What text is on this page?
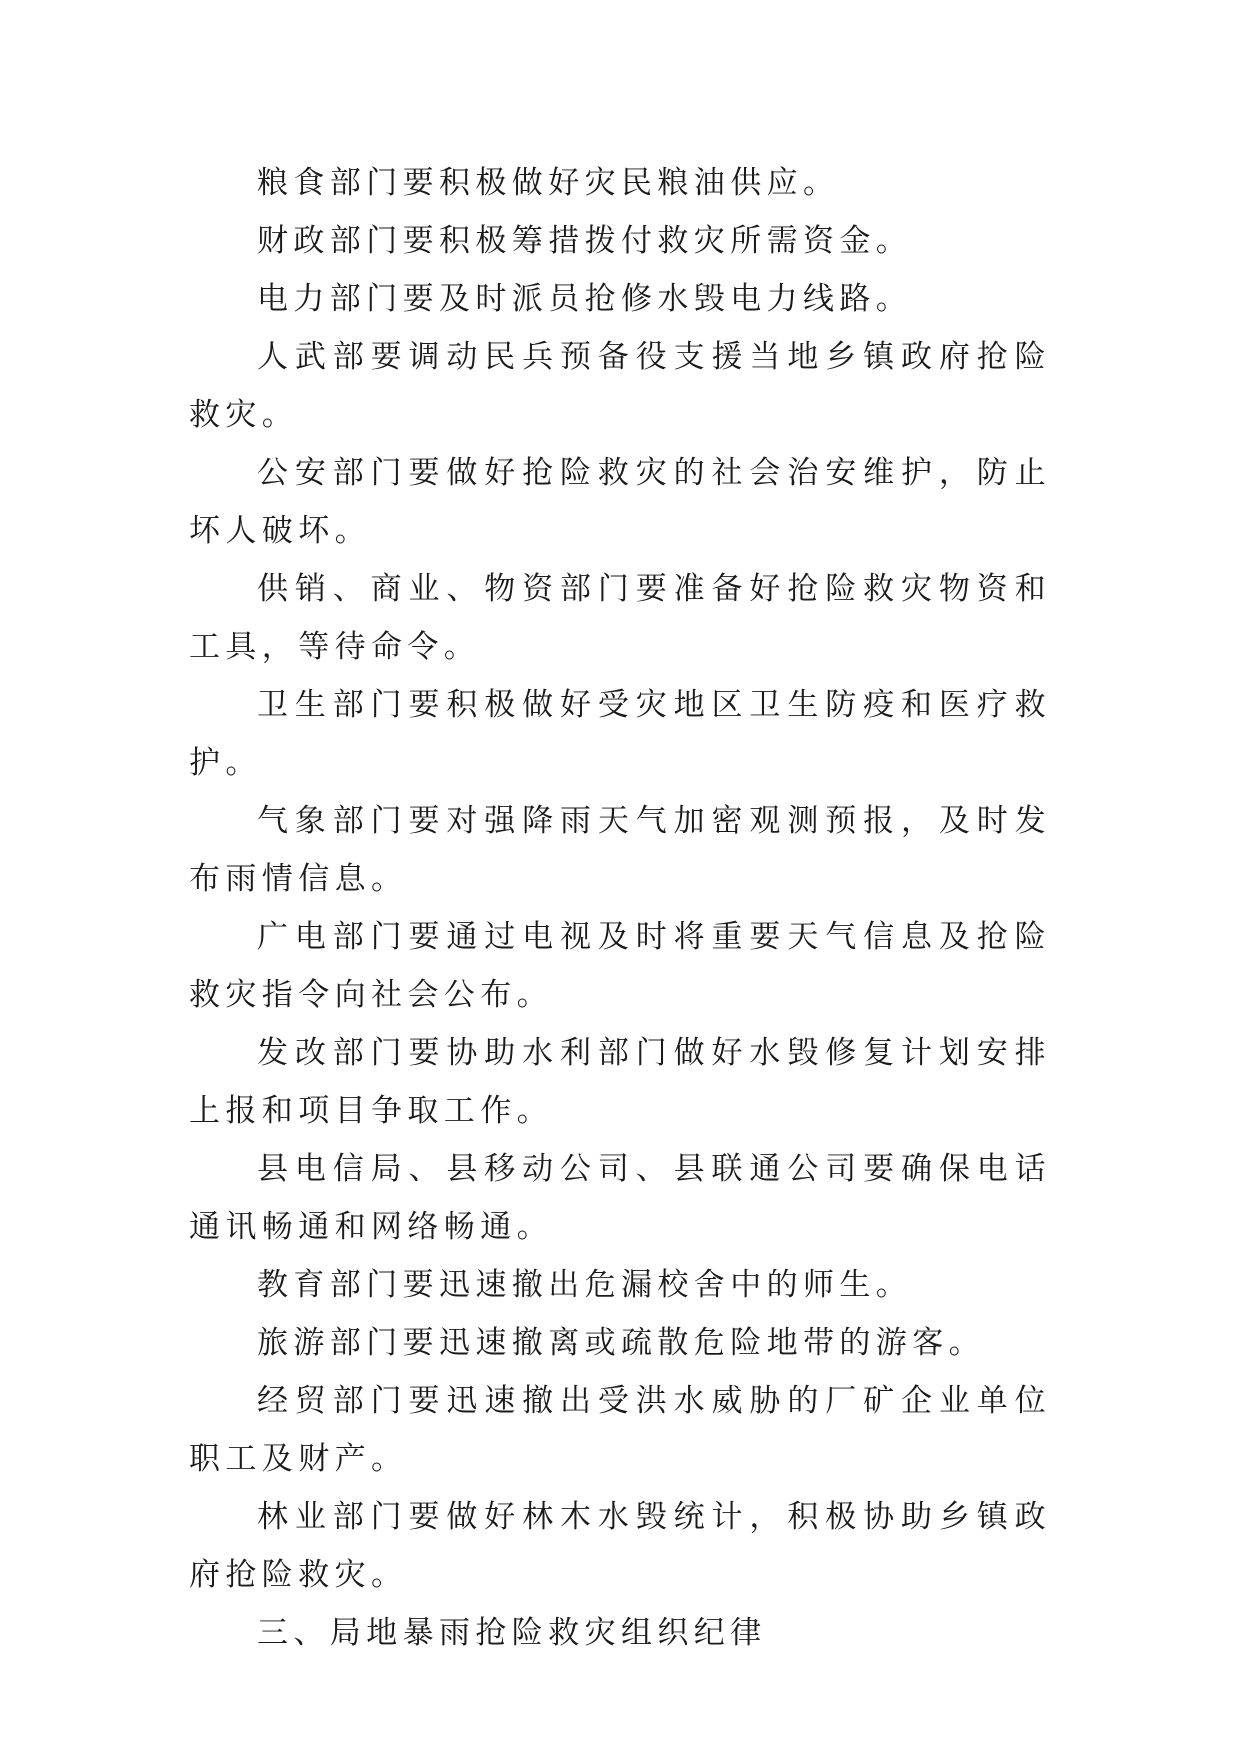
粮食部门要积极做好灾民粮油供应。

财政部门要积极筹措拨付救灾所需资金。

电力部门要及时派员抢修水毁电力线路。

人武部要调动民兵预备役支援当地乡镇政府抢险救灾。

公安部门要做好抢险救灾的社会治安维护，防止坏人破坏。

供销、商业、物资部门要准备好抢险救灾物资和工具，等待命令。

卫生部门要积极做好受灾地区卫生防疫和医疗救护。

气象部门要对强降雨天气加密观测预报，及时发布雨情信息。

广电部门要通过电视及时将重要天气信息及抢险救灾指令向社会公布。

发改部门要协助水利部门做好水毁修复计划安排上报和项目争取工作。

县电信局、县移动公司、县联通公司要确保电话通讯畅通和网络畅通。

教育部门要迅速撤出危漏校舍中的师生。

旅游部门要迅速撤离或疏散危险地带的游客。

经贸部门要迅速撤出受洪水威胁的厂矿企业单位职工及财产。

林业部门要做好林木水毁统计，积极协助乡镇政府抢险救灾。

三、局地暴雨抢险救灾组织纪律
